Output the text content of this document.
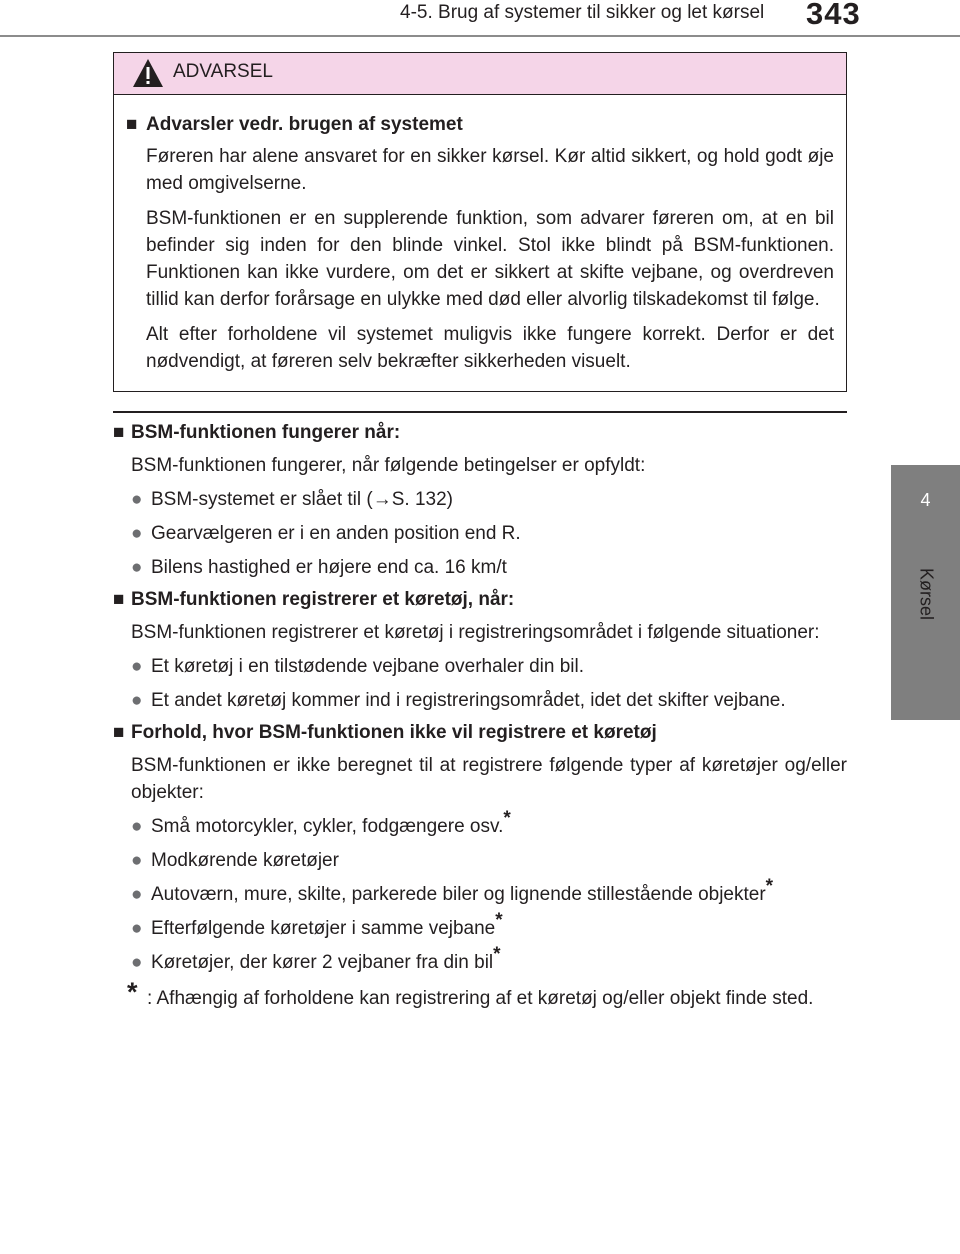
4-5. Brug af systemer til sikker og let kørsel 343
4
Kørsel
ADVARSEL
■ Advarsler vedr. brugen af systemet

Føreren har alene ansvaret for en sikker kørsel. Kør altid sikkert, og hold godt øje med omgivelserne.

BSM-funktionen er en supplerende funktion, som advarer føreren om, at en bil befinder sig inden for den blinde vinkel. Stol ikke blindt på BSM-funktionen. Funktionen kan ikke vurdere, om det er sikkert at skifte vejbane, og overdreven tillid kan derfor forårsage en ulykke med død eller alvorlig tilskadekomst til følge.

Alt efter forholdene vil systemet muligvis ikke fungere korrekt. Derfor er det nødvendigt, at føreren selv bekræfter sikkerheden visuelt.

■ BSM-funktionen fungerer når:

BSM-funktionen fungerer, når følgende betingelser er opfyldt:

● BSM-systemet er slået til (→S. 132)
● Gearvælgeren er i en anden position end R.
● Bilens hastighed er højere end ca. 16 km/t
■ BSM-funktionen registrerer et køretøj, når:

BSM-funktionen registrerer et køretøj i registreringsområdet i følgende situationer:

● Et køretøj i en tilstødende vejbane overhaler din bil.
● Et andet køretøj kommer ind i registreringsområdet, idet det skifter vejbane.
■ Forhold, hvor BSM-funktionen ikke vil registrere et køretøj

BSM-funktionen er ikke beregnet til at registrere følgende typer af køretøjer og/eller objekter:

● Små motorcykler, cykler, fodgængere osv.*
● Modkørende køretøjer
● Autoværn, mure, skilte, parkerede biler og lignende stillestående objekter*
● Efterfølgende køretøjer i samme vejbane*
● Køretøjer, der kører 2 vejbaner fra din bil*
* : Afhængig af forholdene kan registrering af et køretøj og/eller objekt finde sted.
